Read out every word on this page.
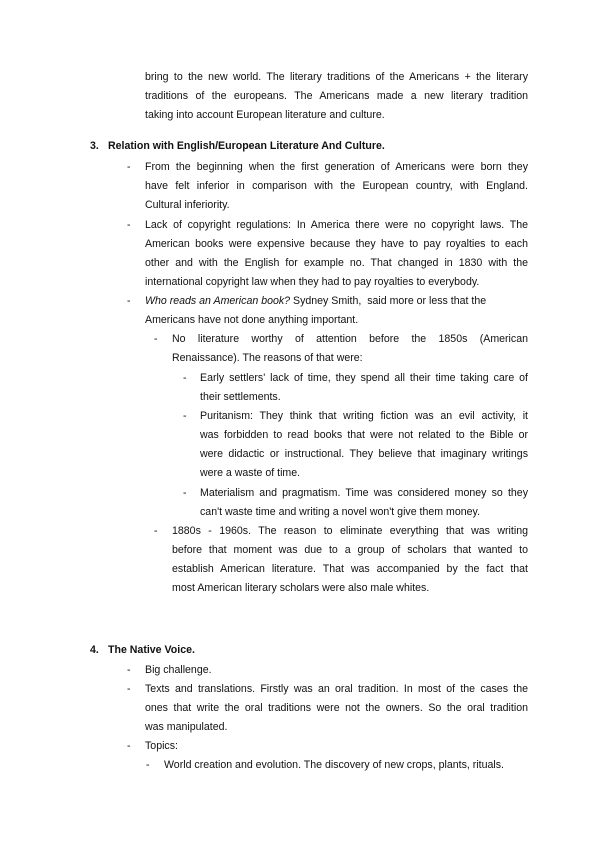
bring to the new world. The literary traditions of the Americans + the literary
traditions of the europeans. The Americans made a new literary tradition
taking into account European literature and culture.
3. Relation with English/European Literature And Culture.
- From the beginning when the first generation of Americans were born they
have felt inferior in comparison with the European country, with England.
Cultural inferiority.
- Lack of copyright regulations: In America there were no copyright laws. The
American books were expensive because they have to pay royalties to each
other and with the English for example no. That changed in 1830 with the
international copyright law when they had to pay royalties to everybody.
- Who reads an American book? Sydney Smith,  said more or less that the
Americans have not done anything important.
- No literature worthy of attention before the 1850s (American
Renaissance). The reasons of that were:
- Early settlers' lack of time, they spend all their time taking care of
their settlements.
- Puritanism: They think that writing fiction was an evil activity, it
was forbidden to read books that were not related to the Bible or
were didactic or instructional. They believe that imaginary writings
were a waste of time.
- Materialism and pragmatism. Time was considered money so they
can't waste time and writing a novel won't give them money.
- 1880s - 1960s. The reason to eliminate everything that was writing
before that moment was due to a group of scholars that wanted to
establish American literature. That was accompanied by the fact that
most American literary scholars were also male whites.
4. The Native Voice.
- Big challenge.
- Texts and translations. Firstly was an oral tradition. In most of the cases the
ones that write the oral traditions were not the owners. So the oral tradition
was manipulated.
- Topics:
- World creation and evolution. The discovery of new crops, plants, rituals.
